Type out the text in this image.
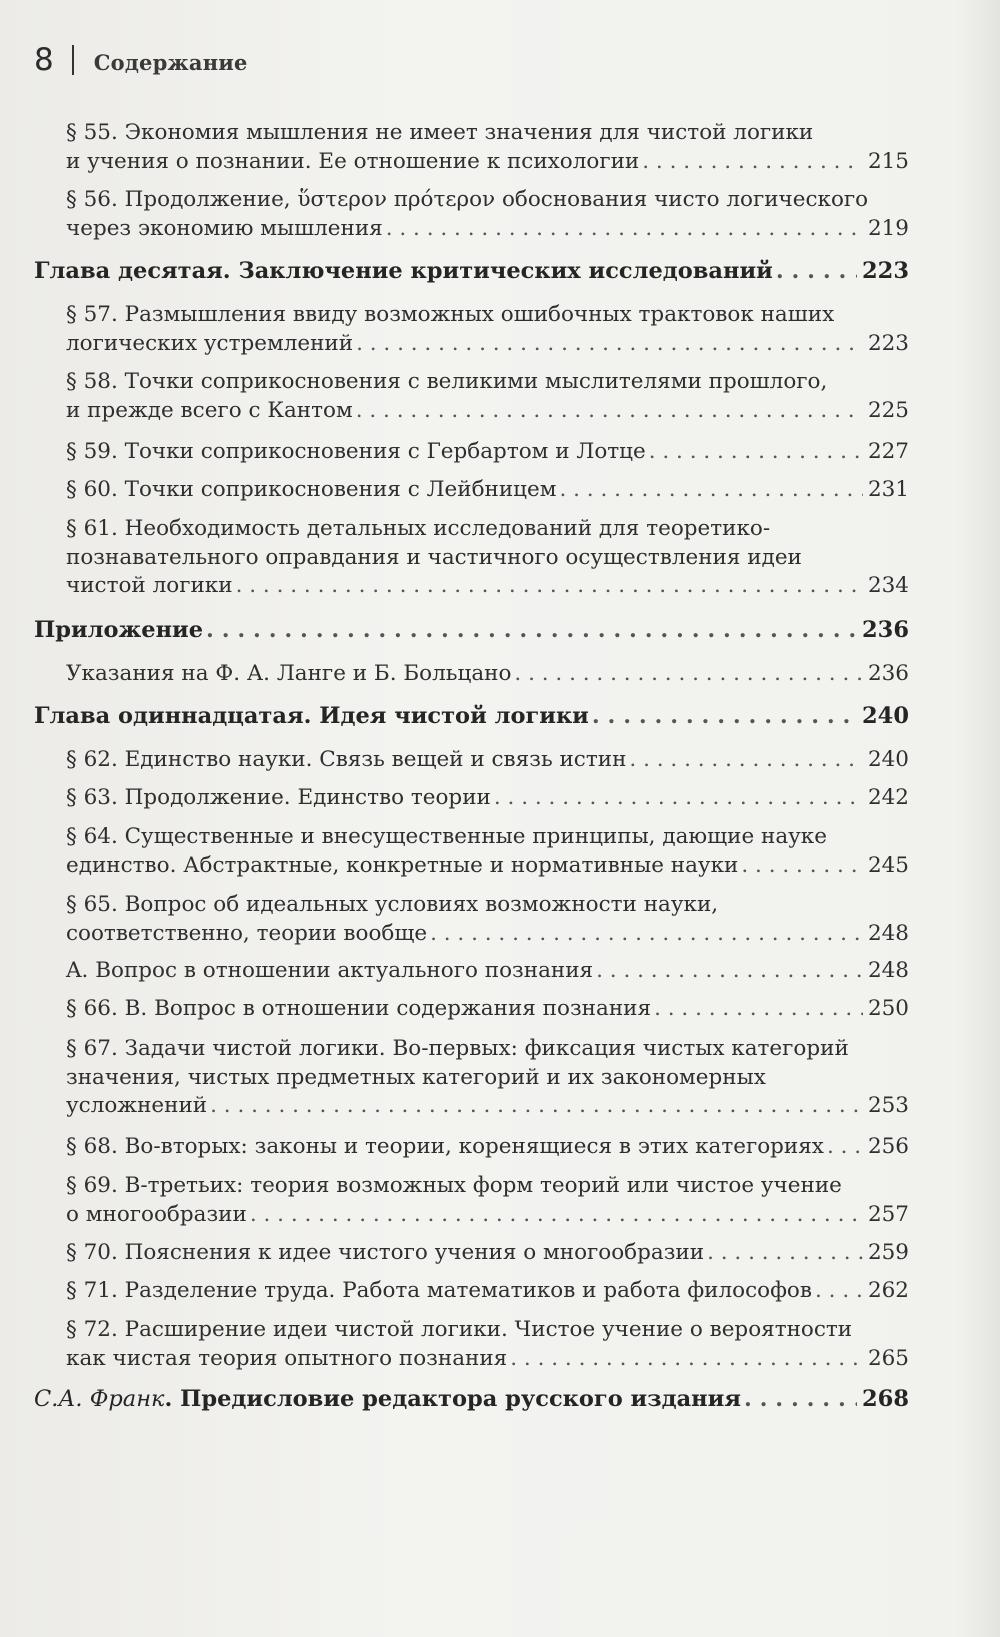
8 Содержание
§ 55. Экономия мышления не имеет значения для чистой логики
и учения о познании. Ее отношение к психологии . . .	215
§ 56. Продолжение, ὕστερον πρότερον обоснования чисто логического
через экономию мышления . . .	219
Глава десятая. Заключение критических исследований . . .	223
§ 57. Размышления ввиду возможных ошибочных трактовок наших
логических устремлений . . .	223
§ 58. Точки соприкосновения с великими мыслителями прошлого,
и прежде всего с Кантом . . .	225
§ 59. Точки соприкосновения с Гербартом и Лотце . . .	227
§ 60. Точки соприкосновения с Лейбницем . . .	231
§ 61. Необходимость детальных исследований для теоретико-
познавательного оправдания и частичного осуществления идеи
чистой логики . . .	234
Приложение . . .	236
Указания на Ф. А. Ланге и Б. Больцано . . .	236
Глава одиннадцатая. Идея чистой логики . . .	240
§ 62. Единство науки. Связь вещей и связь истин . . .	240
§ 63. Продолжение. Единство теории . . .	242
§ 64. Существенные и внесущественные принципы, дающие науке
единство. Абстрактные, конкретные и нормативные науки . . .	245
§ 65. Вопрос об идеальных условиях возможности науки,
соответственно, теории вообще . . .	248
A. Вопрос в отношении актуального познания . . .	248
§ 66. B. Вопрос в отношении содержания познания . . .	250
§ 67. Задачи чистой логики. Во-первых: фиксация чистых категорий
значения, чистых предметных категорий и их закономерных
усложнений . . .	253
§ 68. Во-вторых: законы и теории, коренящиеся в этих категориях . . . 256
§ 69. В-третьих: теория возможных форм теорий или чистое учение
о многообразии . . .	257
§ 70. Пояснения к идее чистого учения о многообразии . . .	259
§ 71. Разделение труда. Работа математиков и работа философов . . .	262
§ 72. Расширение идеи чистой логики. Чистое учение о вероятности
как чистая теория опытного познания . . .	265
С.А. Франк . Предисловие редактора русского издания . . .	268
